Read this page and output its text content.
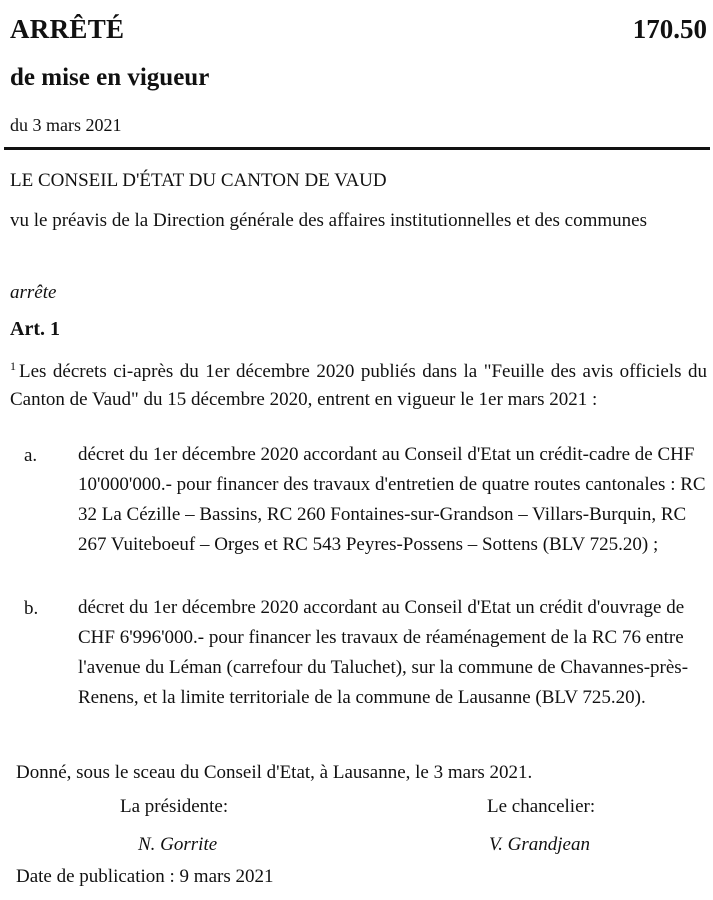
ARRÊTÉ	170.50
de mise en vigueur
du 3 mars 2021
LE CONSEIL D'ÉTAT DU CANTON DE VAUD
vu le préavis de la Direction générale des affaires institutionnelles et des communes
arrête
Art. 1
$^1$ Les décrets ci-après du 1er décembre 2020 publiés dans la "Feuille des avis officiels du Canton de Vaud" du 15 décembre 2020, entrent en vigueur le 1er mars 2021 :
a. décret du 1er décembre 2020 accordant au Conseil d'Etat un crédit-cadre de CHF 10'000'000.- pour financer des travaux d'entretien de quatre routes cantonales : RC 32 La Cézille – Bassins, RC 260 Fontaines-sur-Grandson – Villars-Burquin, RC 267 Vuiteboeuf – Orges et RC 543 Peyres-Possens – Sottens (BLV 725.20) ;
b. décret du 1er décembre 2020 accordant au Conseil d'Etat un crédit d'ouvrage de CHF 6'996'000.- pour financer les travaux de réaménagement de la RC 76 entre l'avenue du Léman (carrefour du Taluchet), sur la commune de Chavannes-près-Renens, et la limite territoriale de la commune de Lausanne (BLV 725.20).
Donné, sous le sceau du Conseil d'Etat, à Lausanne, le 3 mars 2021.
La présidente:	Le chancelier:
N. Gorrite	V. Grandjean
Date de publication : 9 mars 2021
